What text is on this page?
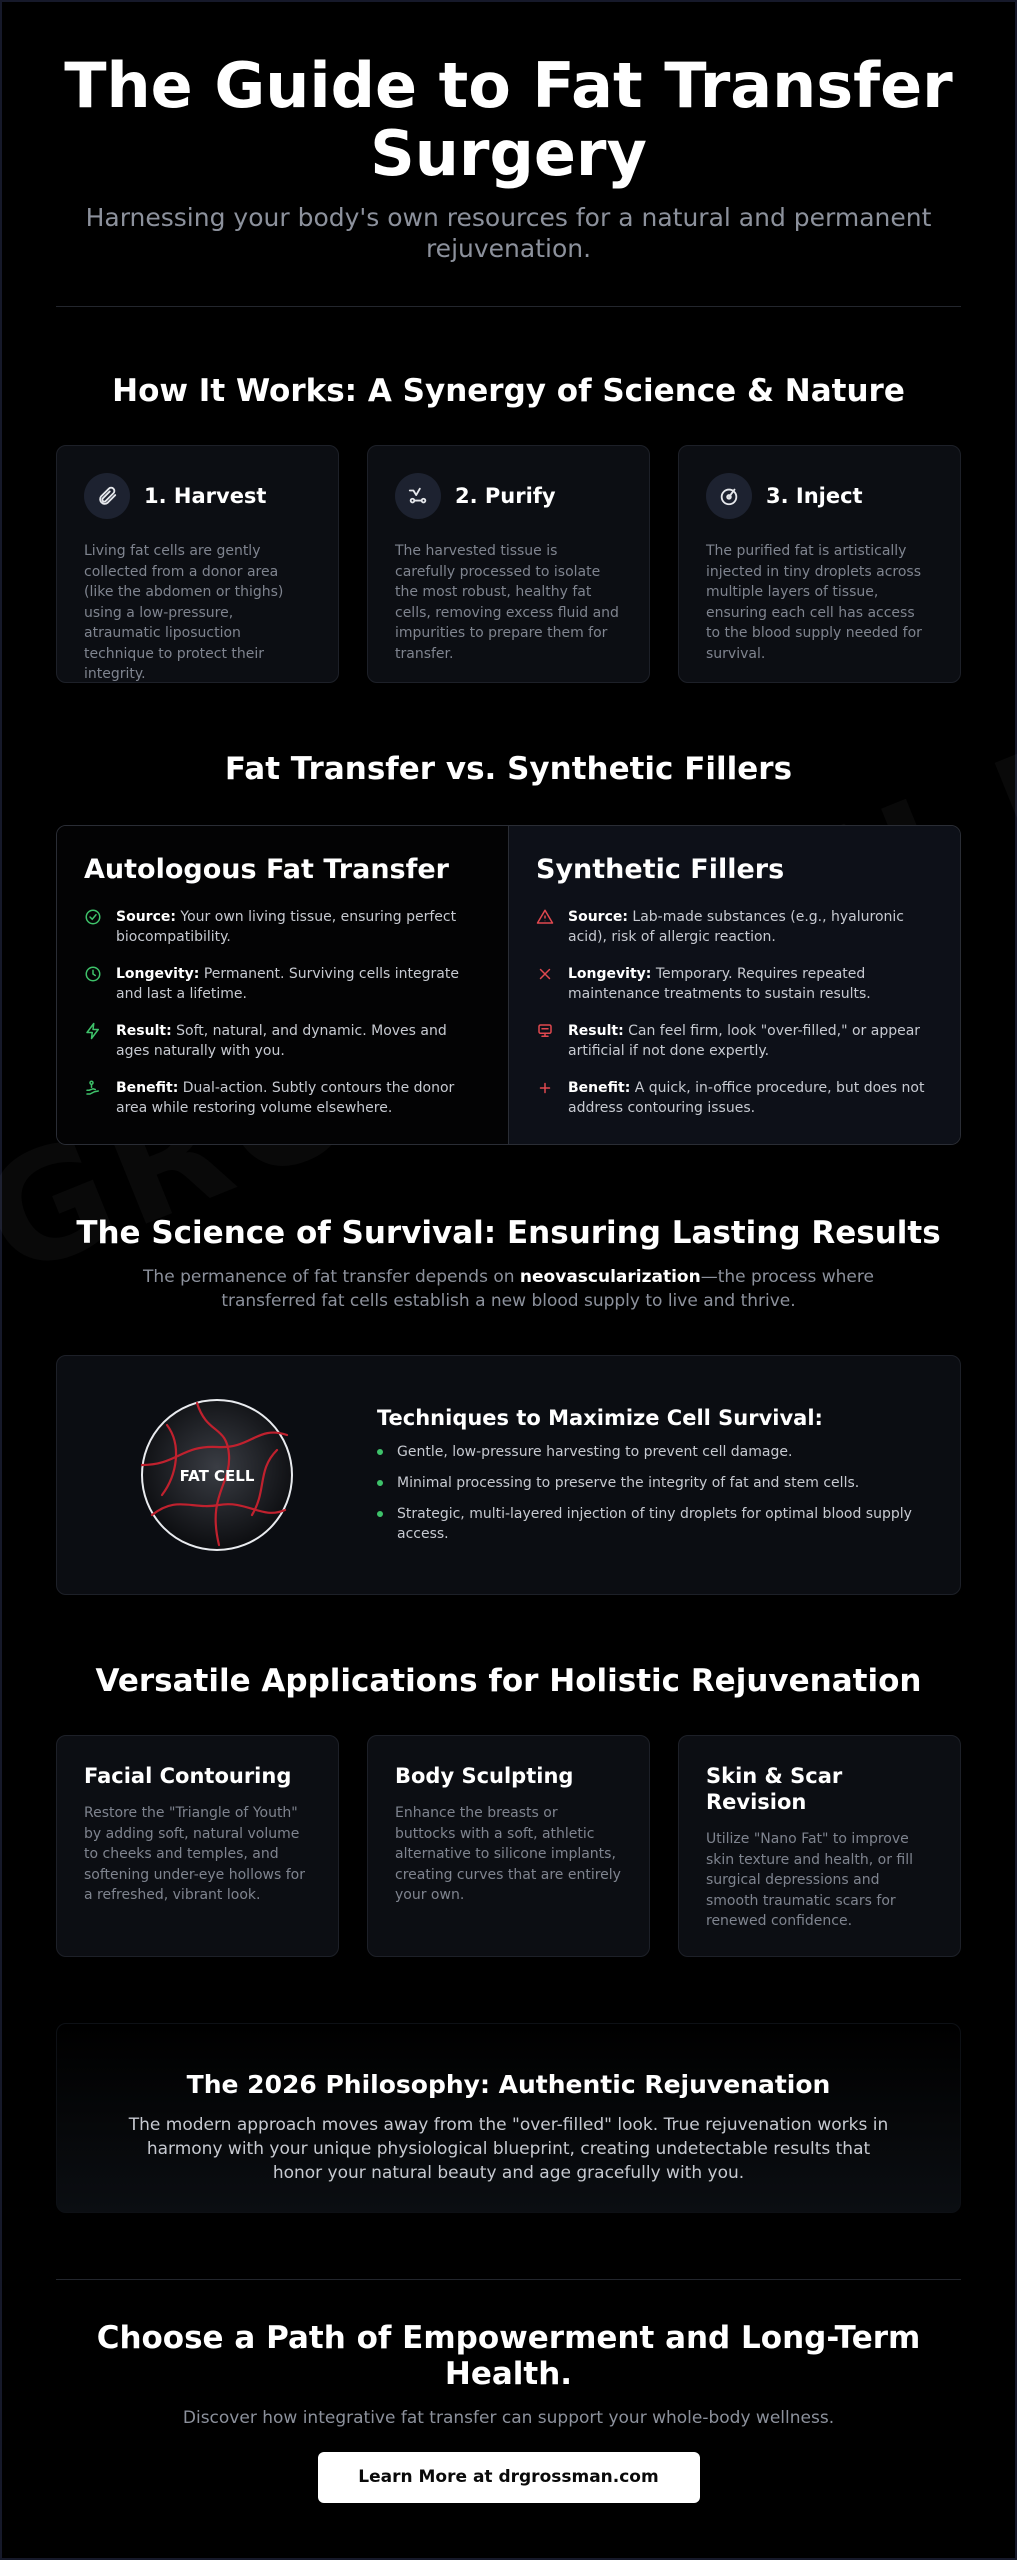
The Guide to Fat Transfer Surgery

Harnessing your body's own resources for a natural and permanent rejuvenation.

How It Works: A Synergy of Science & Nature
1. Harvest

Living fat cells are gently collected from a donor area (like the abdomen or thighs) using a low-pressure, atraumatic liposuction technique to protect their integrity.

2. Purify

The harvested tissue is carefully processed to isolate the most robust, healthy fat cells, removing excess fluid and impurities to prepare them for transfer.

3. Inject

The purified fat is artistically injected in tiny droplets across multiple layers of tissue, ensuring each cell has access to the blood supply needed for survival.

Fat Transfer vs. Synthetic Fillers
Autologous Fat Transfer
Source: Your own living tissue, ensuring perfect biocompatibility.
Longevity: Permanent. Surviving cells integrate and last a lifetime.
Result: Soft, natural, and dynamic. Moves and ages naturally with you.
Benefit: Dual-action. Subtly contours the donor area while restoring volume elsewhere.
Synthetic Fillers
Source: Lab-made substances (e.g., hyaluronic acid), risk of allergic reaction.
Longevity: Temporary. Requires repeated maintenance treatments to sustain results.
Result: Can feel firm, look "over-filled," or appear artificial if not done expertly.
Benefit: A quick, in-office procedure, but does not address contouring issues.
The Science of Survival: Ensuring Lasting Results

The permanence of fat transfer depends on neovascularization—the process where transferred fat cells establish a new blood supply to live and thrive.

FAT CELL
Techniques to Maximize Cell Survival:
Gentle, low-pressure harvesting to prevent cell damage.
Minimal processing to preserve the integrity of fat and stem cells.
Strategic, multi-layered injection of tiny droplets for optimal blood supply access.
Versatile Applications for Holistic Rejuvenation
Facial Contouring

Restore the "Triangle of Youth" by adding soft, natural volume to cheeks and temples, and softening under-eye hollows for a refreshed, vibrant look.

Body Sculpting

Enhance the breasts or buttocks with a soft, athletic alternative to silicone implants, creating curves that are entirely your own.

Skin & Scar Revision

Utilize "Nano Fat" to improve skin texture and health, or fill surgical depressions and smooth traumatic scars for renewed confidence.

The 2026 Philosophy: Authentic Rejuvenation

The modern approach moves away from the "over-filled" look. True rejuvenation works in harmony with your unique physiological blueprint, creating undetectable results that honor your natural beauty and age gracefully with you.

Choose a Path of Empowerment and Long-Term Health.

Discover how integrative fat transfer can support your whole-body wellness.

Learn More at drgrossman.com
